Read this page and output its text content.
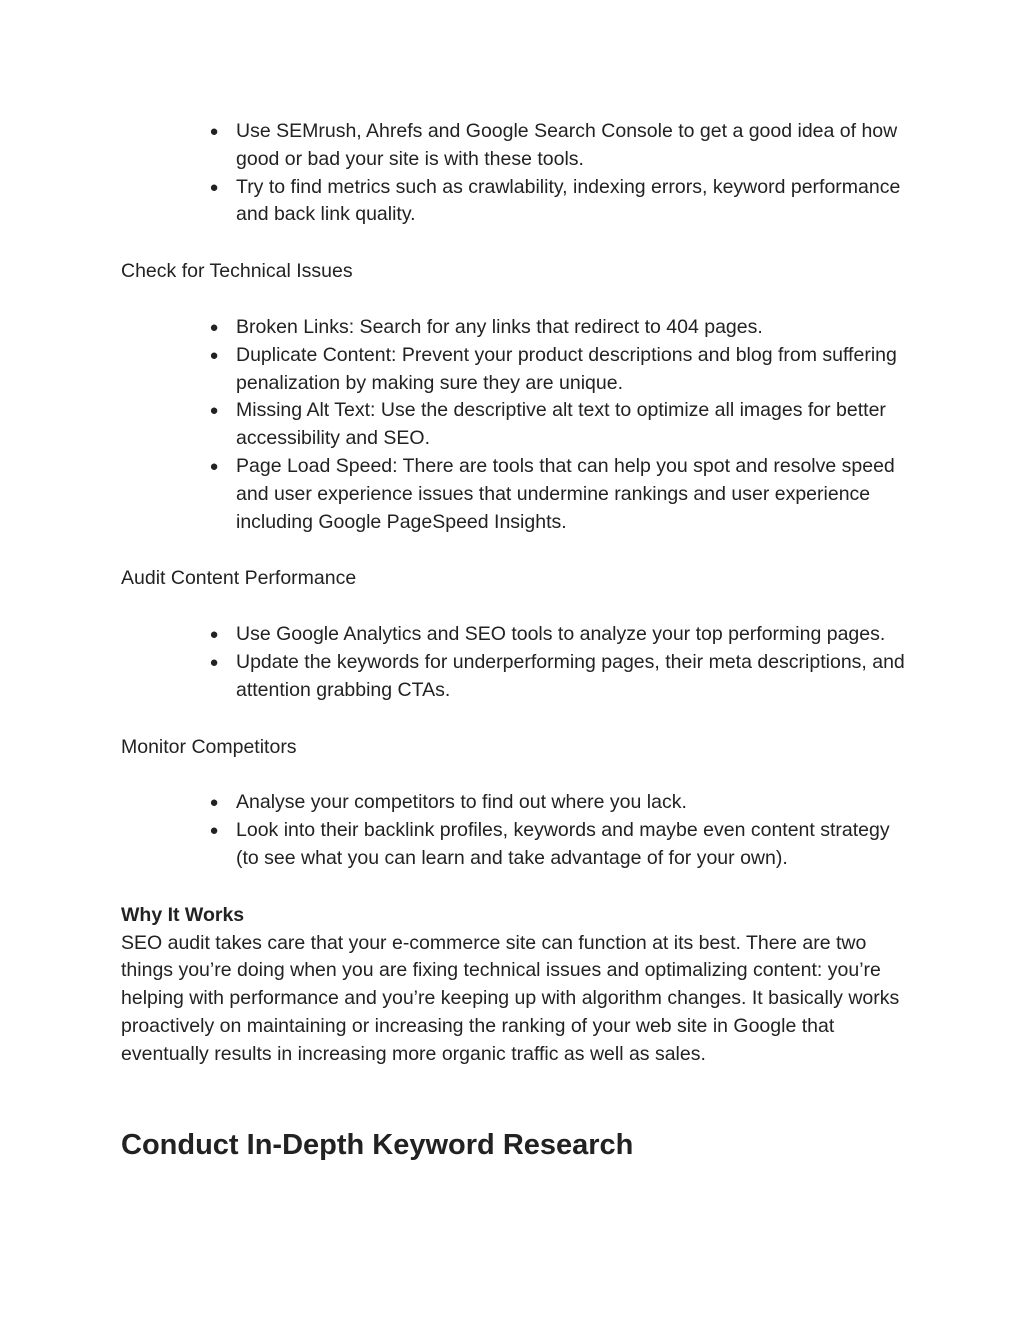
● Use SEMrush, Ahrefs and Google Search Console to get a good idea of how good or bad your site is with these tools.
● Try to find metrics such as crawlability, indexing errors, keyword performance and back link quality.
Check for Technical Issues
● Broken Links: Search for any links that redirect to 404 pages.
● Duplicate Content: Prevent your product descriptions and blog from suffering penalization by making sure they are unique.
● Missing Alt Text: Use the descriptive alt text to optimize all images for better accessibility and SEO.
● Page Load Speed: There are tools that can help you spot and resolve speed and user experience issues that undermine rankings and user experience including Google PageSpeed Insights.
Audit Content Performance
● Use Google Analytics and SEO tools to analyze your top performing pages.
● Update the keywords for underperforming pages, their meta descriptions, and attention grabbing CTAs.
Monitor Competitors
● Analyse your competitors to find out where you lack.
● Look into their backlink profiles, keywords and maybe even content strategy (to see what you can learn and take advantage of for your own).
Why It Works

SEO audit takes care that your e-commerce site can function at its best. There are two things you’re doing when you are fixing technical issues and optimalizing content: you’re helping with performance and you’re keeping up with algorithm changes. It basically works proactively on maintaining or increasing the ranking of your web site in Google that eventually results in increasing more organic traffic as well as sales.

Conduct In-Depth Keyword Research
